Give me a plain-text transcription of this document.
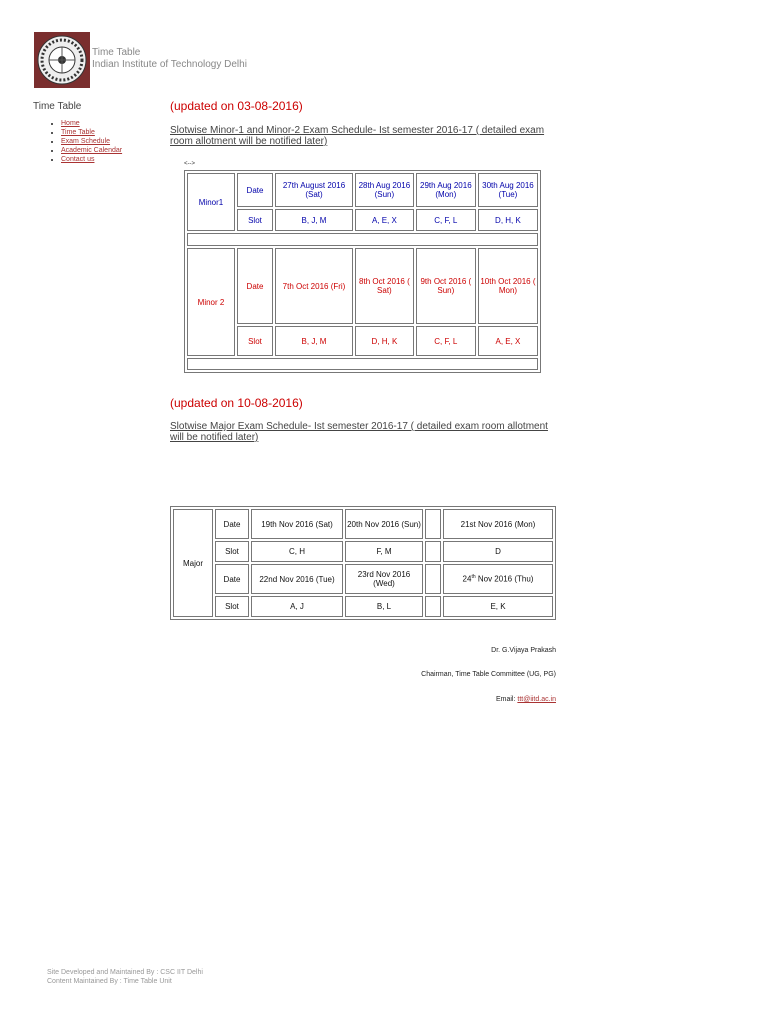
Time Table
Indian Institute of Technology Delhi
Time Table
• Home
• Time Table
• Exam Schedule
• Academic Calendar
• Contact us
(updated on 03-08-2016)
Slotwise Minor-1 and Minor-2 Exam Schedule- Ist semester 2016-17 ( detailed exam room allotment will be notified later)
<-->
Minor1	Date	27th August 2016 (Sat)	28th Aug 2016 (Sun)	29th Aug 2016 (Mon)	30th Aug 2016 (Tue)
	Slot	B, J, M	A, E, X	C, F, L	D, H, K

Minor 2	Date	7th Oct 2016 (Fri)	8th Oct 2016 ( Sat)	9th Oct 2016 ( Sun)	10th Oct 2016 ( Mon)
	Slot	B, J, M	D, H, K	C, F, L	A, E, X

(updated on 10-08-2016)
Slotwise Major Exam Schedule- Ist semester 2016-17 ( detailed exam room allotment will be notified later)
Major	Date	19th Nov 2016 (Sat)	20th Nov 2016 (Sun)		21st Nov 2016 (Mon)
	Slot	C, H	F, M		D
	Date	22nd Nov 2016 (Tue)	23rd Nov 2016 (Wed)		24th Nov 2016 (Thu)
	Slot	A, J	B, L		E, K
Dr. G.Vijaya Prakash
Chairman, Time Table Committee (UG, PG)
Email: ttt@iitd.ac.in
Site Developed and Maintained By : CSC IIT Delhi
Content Maintained By : Time Table Unit
